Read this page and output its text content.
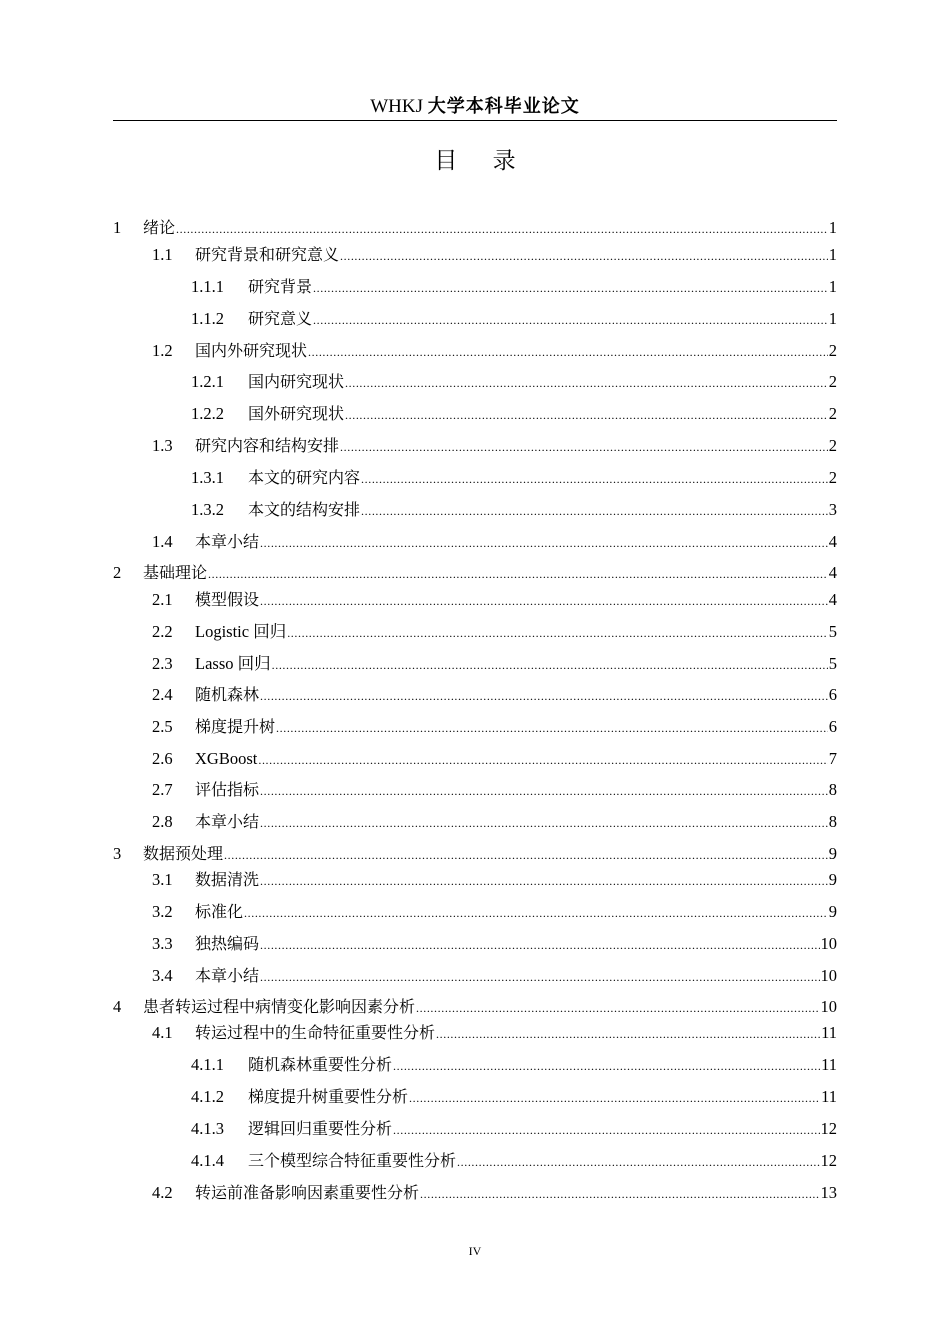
WHKJ 大学本科毕业论文
目 录
1	绪论 .....	1
1.1	研究背景和研究意义 .....	1
1.1.1	研究背景 .....	1
1.1.2	研究意义 .....	1
1.2	国内外研究现状 .....	2
1.2.1	国内研究现状 .....	2
1.2.2	国外研究现状 .....	2
1.3	研究内容和结构安排 .....	2
1.3.1	本文的研究内容 .....	2
1.3.2	本文的结构安排 .....	3
1.4	本章小结 .....	4
2	基础理论 .....	4
2.1	模型假设 .....	4
2.2	Logistic 回归 .....	5
2.3	Lasso 回归 .....	5
2.4	随机森林 .....	6
2.5	梯度提升树 .....	6
2.6	XGBoost .....	7
2.7	评估指标 .....	8
2.8	本章小结 .....	8
3	数据预处理 .....	9
3.1	数据清洗 .....	9
3.2	标准化 .....	9
3.3	独热编码 .....	10
3.4	本章小结 .....	10
4	患者转运过程中病情变化影响因素分析 .....	10
4.1	转运过程中的生命特征重要性分析 .....	11
4.1.1	随机森林重要性分析 .....	11
4.1.2	梯度提升树重要性分析 .....	11
4.1.3	逻辑回归重要性分析 .....	12
4.1.4	三个模型综合特征重要性分析 .....	12
4.2	转运前准备影响因素重要性分析 .....	13
IV
